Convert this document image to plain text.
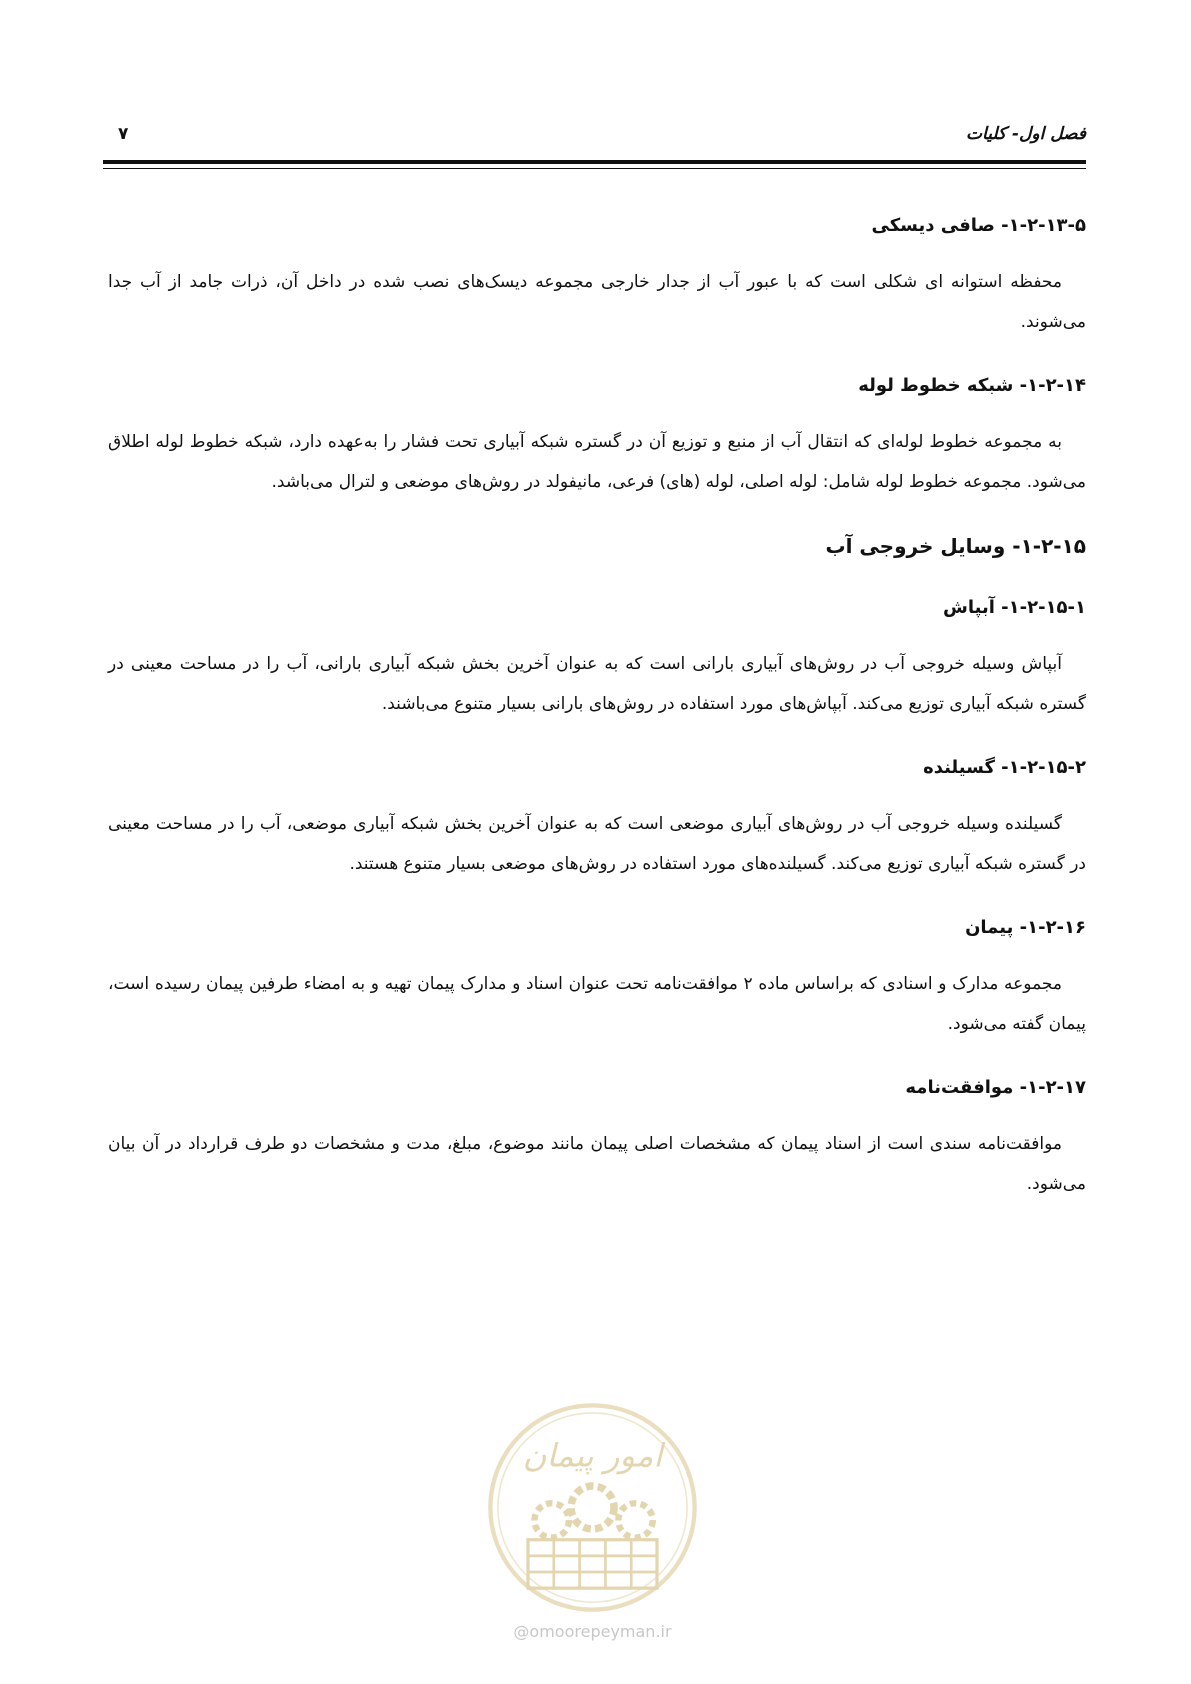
فصل اول- کلیات
۷
۱-۲-۱۳-۵- صافی دیسکی

محفظه استوانه ای شکلی است که با عبور آب از جدار خارجی مجموعه دیسک‌های نصب شده در داخل آن، ذرات جامد از آب جدا می‌شوند.

۱-۲-۱۴- شبکه خطوط لوله

به مجموعه خطوط لوله‌ای که انتقال آب از منبع و توزیع آن در گستره شبکه آبیاری تحت فشار را به‌عهده دارد، شبکه خطوط لوله اطلاق می‌شود. مجموعه خطوط لوله شامل: لوله اصلی، لوله (های) فرعی، مانیفولد در روش‌های موضعی و لترال می‌باشد.

۱-۲-۱۵- وسایل خروجی آب
۱-۲-۱۵-۱- آبپاش

آبپاش وسیله خروجی آب در روش‌های آبیاری بارانی است که به عنوان آخرین بخش شبکه آبیاری بارانی، آب را در مساحت معینی در گستره شبکه آبیاری توزیع می‌کند. آبپاش‌های مورد استفاده در روش‌های بارانی بسیار متنوع می‌باشند.

۱-۲-۱۵-۲- گسیلنده

گسیلنده وسیله خروجی آب در روش‌های آبیاری موضعی است که به عنوان آخرین بخش شبکه آبیاری موضعی، آب را در مساحت معینی در گستره شبکه آبیاری توزیع می‌کند. گسیلنده‌های مورد استفاده در روش‌های موضعی بسیار متنوع هستند.

۱-۲-۱۶- پیمان

مجموعه مدارک و اسنادی که براساس ماده ۲ موافقت‌نامه تحت عنوان اسناد و مدارک پیمان تهیه و به امضاء طرفین پیمان رسیده است، پیمان گفته می‌شود.

۱-۲-۱۷- موافقت‌نامه

موافقت‌نامه سندی است از اسناد پیمان که مشخصات اصلی پیمان مانند موضوع، مبلغ، مدت و مشخصات دو طرف قرارداد در آن بیان می‌شود.

امور پیمان
@omoorepeyman.ir
